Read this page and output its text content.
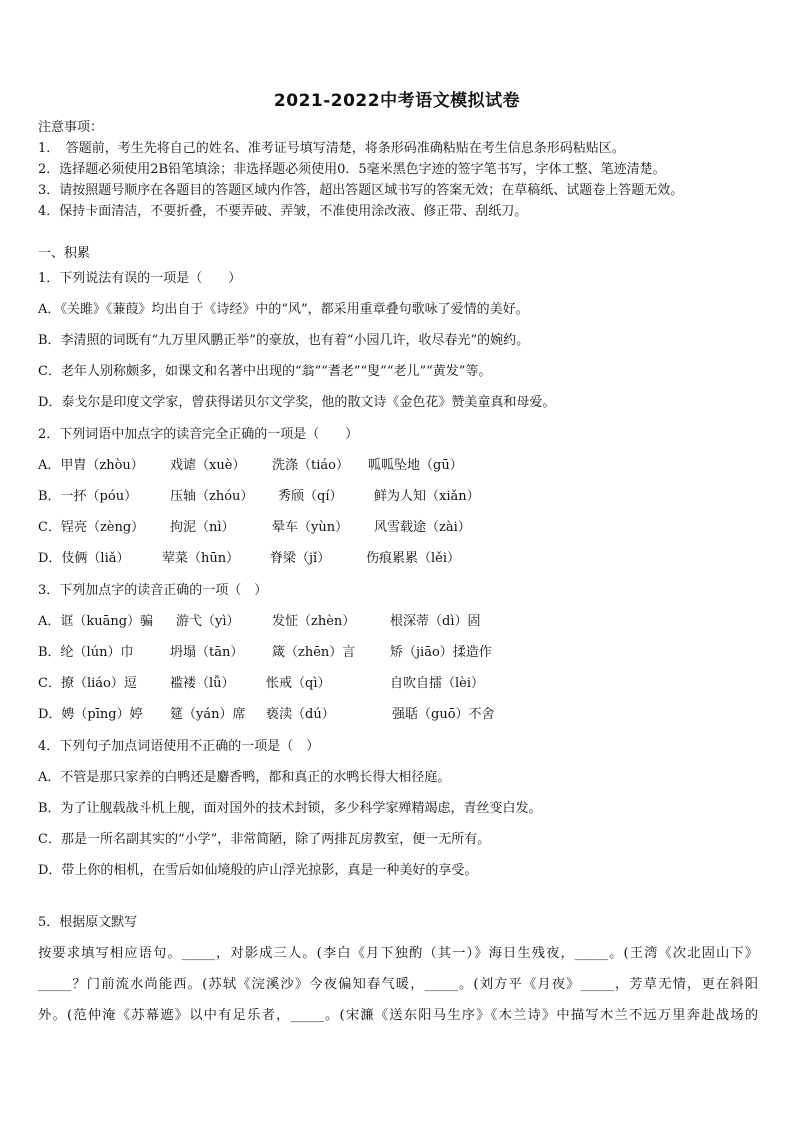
2021-2022中考语文模拟试卷
注意事项：
1．　答题前，考生先将自己的姓名、准考证号填写清楚，将条形码准确粘贴在考生信息条形码粘贴区。
2．选择题必须使用2B铅笔填涂；非选择题必须使用0．5毫米黑色字迹的签字笔书写，字体工整、笔迹清楚。
3．请按照题号顺序在各题目的答题区域内作答，超出答题区域书写的答案无效；在草稿纸、试题卷上答题无效。
4．保持卡面清洁，不要折叠，不要弄破、弄皱，不准使用涂改液、修正带、刮纸刀。
一、积累
1．下列说法有误的一项是（　　）
A．《关雎》《蒹葭》均出自于《诗经》中的“风”，都采用重章叠句歌咏了爱情的美好。
B．李清照的词既有“九万里风鹏正举”的豪放，也有着“小园几许，收尽春光”的婉约。
C．老年人别称颇多，如课文和名著中出现的“翁”“耆老”“叟”“老儿”“黄发”等。
D．泰戈尔是印度文学家，曾获得诺贝尔文学奖，他的散文诗《金色花》赞美童真和母爱。
2．下列词语中加点字的读音完全正确的一项是（　　）
A．甲胄（zhòu） 戏谑（xuè） 洗涤（tiáo） 呱呱坠地（gū）
B．一抔（póu）	压轴（zhóu） 秀颀（qí） 鲜为人知（xiǎn）
C．锃亮（zèng） 拘泥（nì）	晕车（yùn） 风雪载途（zài）
D．伎俩（liǎ）	荤菜（hūn） 脊梁（jǐ）	伤痕累累（lěi）
3．下列加点字的读音正确的一项（　）
A．诓（kuāng）骗 游弋（yì） 发怔（zhèn）	根深蒂（dì）固
B．纶（lún）巾	坍塌（tān） 箴（zhēn）言	矫（jiāo）揉造作
C．撩（liáo）逗	褴褛（lǚ） 怅戒（qì）	自吹自擂（lèi）
D．娉（pīng）婷 筵（yán）席 亵渎（dú）	强聒（guō）不舍
4．下列句子加点词语使用不正确的一项是（　）
A．不管是那只家养的白鸭还是麝香鸭，都和真正的水鸭长得大相径庭。
B．为了让舰载战斗机上舰，面对国外的技术封锁，多少科学家殚精竭虑，青丝变白发。
C．那是一所名副其实的“小学”，非常简陋，除了两排瓦房教室，便一无所有。
D．带上你的相机，在雪后如仙境般的庐山浮光掠影，真是一种美好的享受。
5．根据原文默写
按要求填写相应语句。_____，对影成三人。(李白《月下独酌（其一）》海日生残夜，_____。(王湾《次北固山下》
_____？门前流水尚能西。(苏轼《浣溪沙》今夜偏知春气暖，_____。(刘方平《月夜》_____，芳草无情，更在斜阳
外。(范仲淹《苏幕遮》以中有足乐者，_____。(宋濂《送东阳马生序》《木兰诗》中描写木兰不远万里奔赴战场的
